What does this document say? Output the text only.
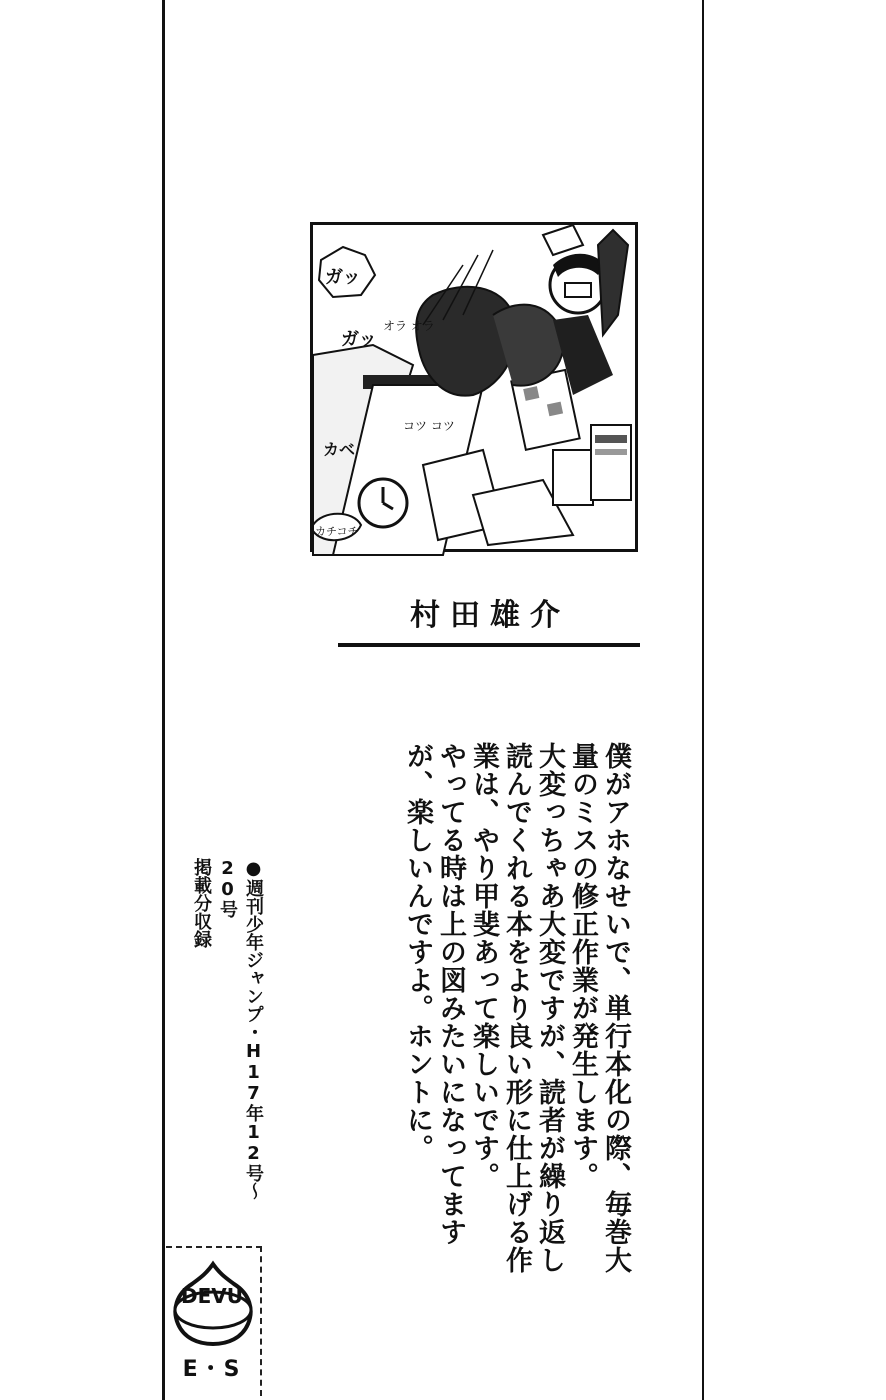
ガッ
ガッ
カベ
オラ オラ
コツ コツ
カチコチ
村田雄介

僕がアホなせいで、単行本化の際、毎巻大量のミスの修正作業が発生します。

大変っちゃあ大変ですが、読者が繰り返し読んでくれる本をより良い形に仕上げる作業は、やり甲斐あって楽しいです。

やってる時は上の図みたいになってますが、楽しいんですよ。ホントに。

●週刊少年ジャンプ・H17年12号〜20号

掲載分収録

DEVU
E・S
